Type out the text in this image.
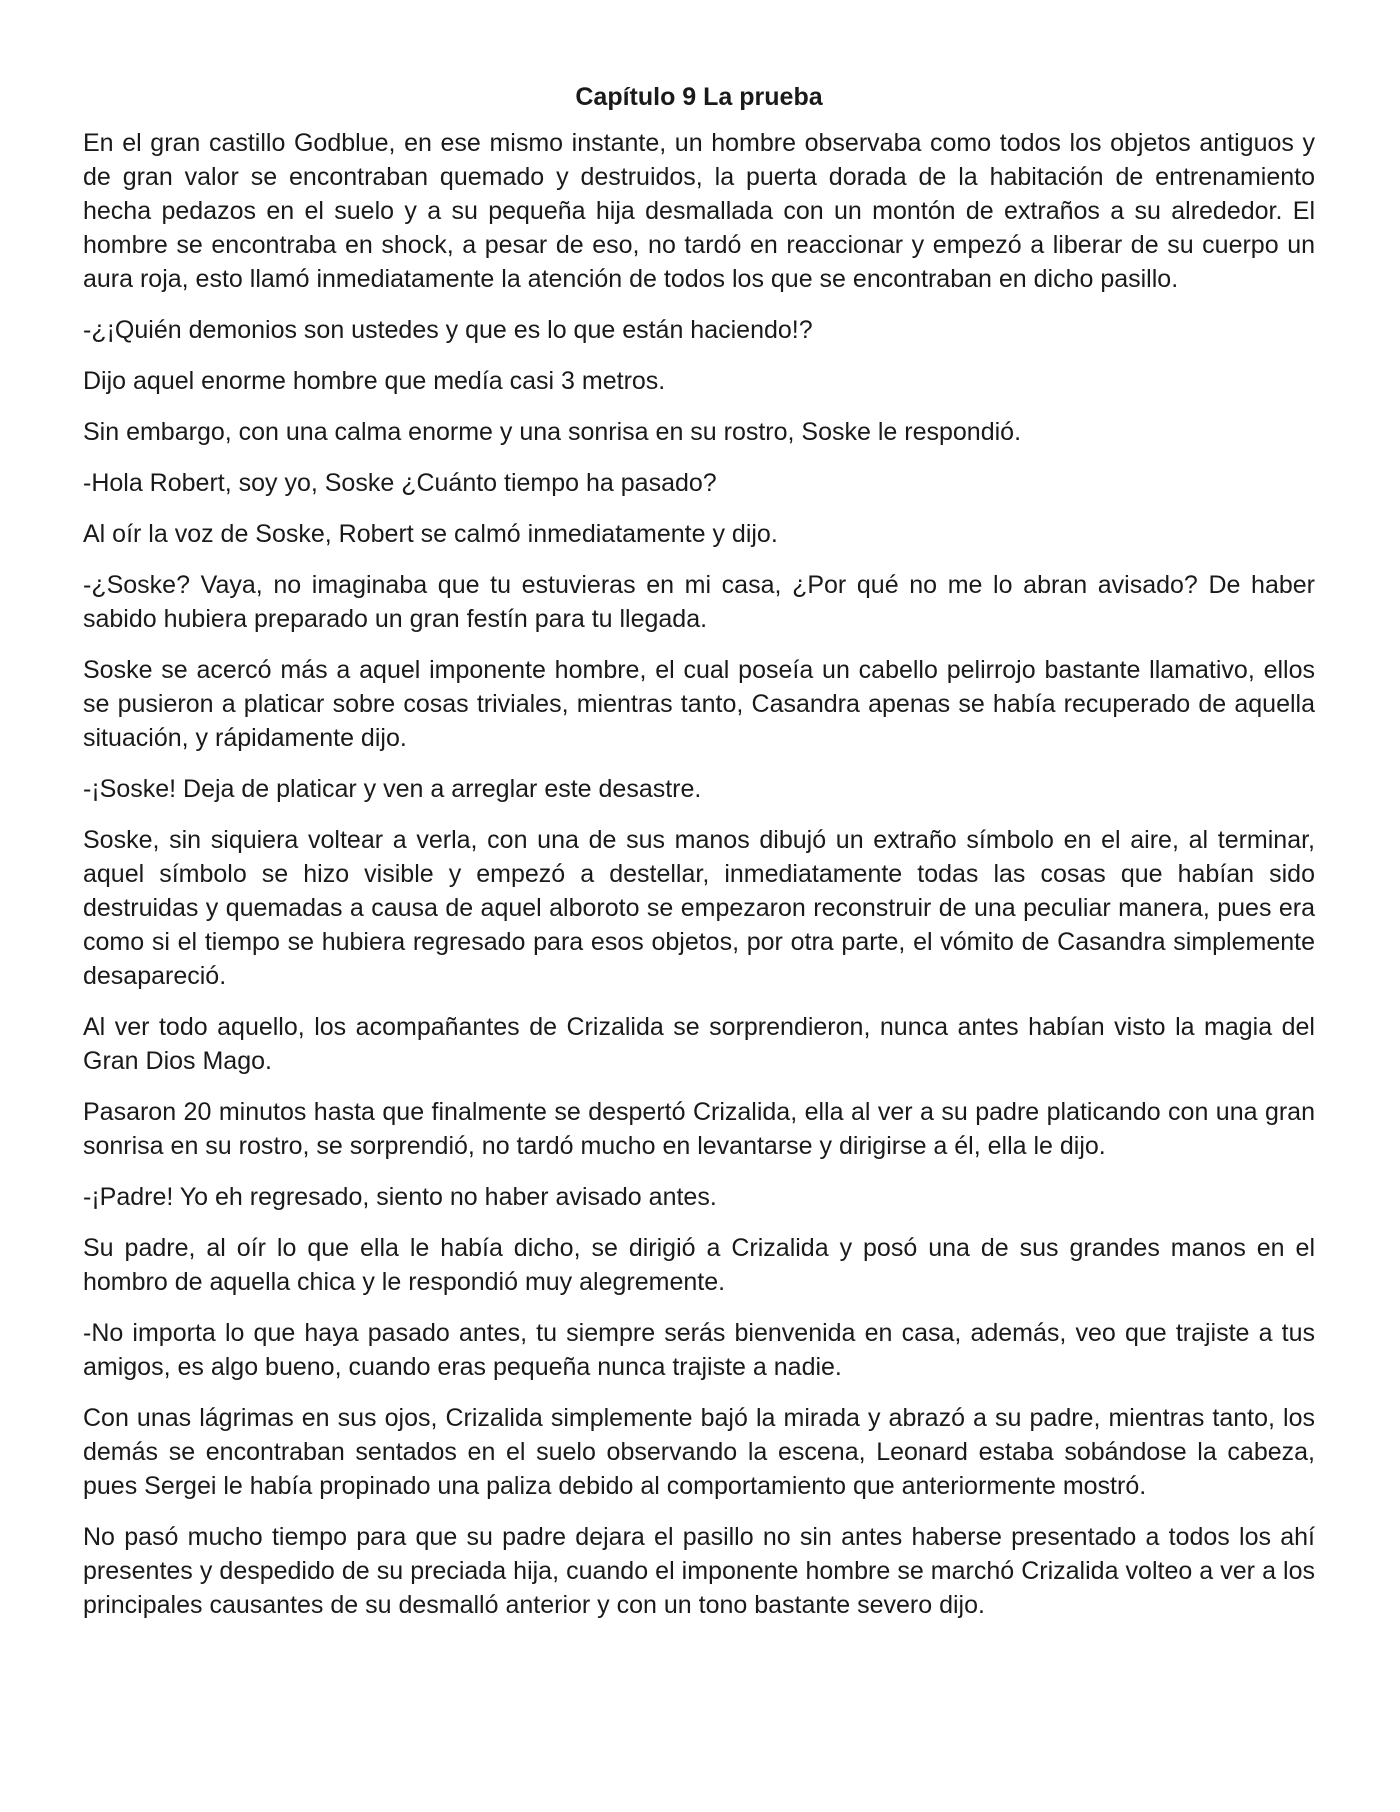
Capítulo 9 La prueba

En el gran castillo Godblue, en ese mismo instante, un hombre observaba como todos los objetos antiguos y de gran valor se encontraban quemado y destruidos, la puerta dorada de la habitación de entrenamiento hecha pedazos en el suelo y a su pequeña hija desmallada con un montón de extraños a su alrededor. El hombre se encontraba en shock, a pesar de eso, no tardó en reaccionar y empezó a liberar de su cuerpo un aura roja, esto llamó inmediatamente la atención de todos los que se encontraban en dicho pasillo.

-¿¡Quién demonios son ustedes y que es lo que están haciendo!?

Dijo aquel enorme hombre que medía casi 3 metros.

Sin embargo, con una calma enorme y una sonrisa en su rostro, Soske le respondió.

-Hola Robert, soy yo, Soske ¿Cuánto tiempo ha pasado?

Al oír la voz de Soske, Robert se calmó inmediatamente y dijo.

-¿Soske? Vaya, no imaginaba que tu estuvieras en mi casa, ¿Por qué no me lo abran avisado? De haber sabido hubiera preparado un gran festín para tu llegada.

Soske se acercó más a aquel imponente hombre, el cual poseía un cabello pelirrojo bastante llamativo, ellos se pusieron a platicar sobre cosas triviales, mientras tanto, Casandra apenas se había recuperado de aquella situación, y rápidamente dijo.

-¡Soske! Deja de platicar y ven a arreglar este desastre.

Soske, sin siquiera voltear a verla, con una de sus manos dibujó un extraño símbolo en el aire, al terminar, aquel símbolo se hizo visible y empezó a destellar, inmediatamente todas las cosas que habían sido destruidas y quemadas a causa de aquel alboroto se empezaron reconstruir de una peculiar manera, pues era como si el tiempo se hubiera regresado para esos objetos, por otra parte, el vómito de Casandra simplemente desapareció.

Al ver todo aquello, los acompañantes de Crizalida se sorprendieron, nunca antes habían visto la magia del Gran Dios Mago.

Pasaron 20 minutos hasta que finalmente se despertó Crizalida, ella al ver a su padre platicando con una gran sonrisa en su rostro, se sorprendió, no tardó mucho en levantarse y dirigirse a él, ella le dijo.

-¡Padre! Yo eh regresado, siento no haber avisado antes.

Su padre, al oír lo que ella le había dicho, se dirigió a Crizalida y posó una de sus grandes manos en el hombro de aquella chica y le respondió muy alegremente.

-No importa lo que haya pasado antes, tu siempre serás bienvenida en casa, además, veo que trajiste a tus amigos, es algo bueno, cuando eras pequeña nunca trajiste a nadie.

Con unas lágrimas en sus ojos, Crizalida simplemente bajó la mirada y abrazó a su padre, mientras tanto, los demás se encontraban sentados en el suelo observando la escena, Leonard estaba sobándose la cabeza, pues Sergei le había propinado una paliza debido al comportamiento que anteriormente mostró.

No pasó mucho tiempo para que su padre dejara el pasillo no sin antes haberse presentado a todos los ahí presentes y despedido de su preciada hija, cuando el imponente hombre se marchó Crizalida volteo a ver a los principales causantes de su desmalló anterior y con un tono bastante severo dijo.
